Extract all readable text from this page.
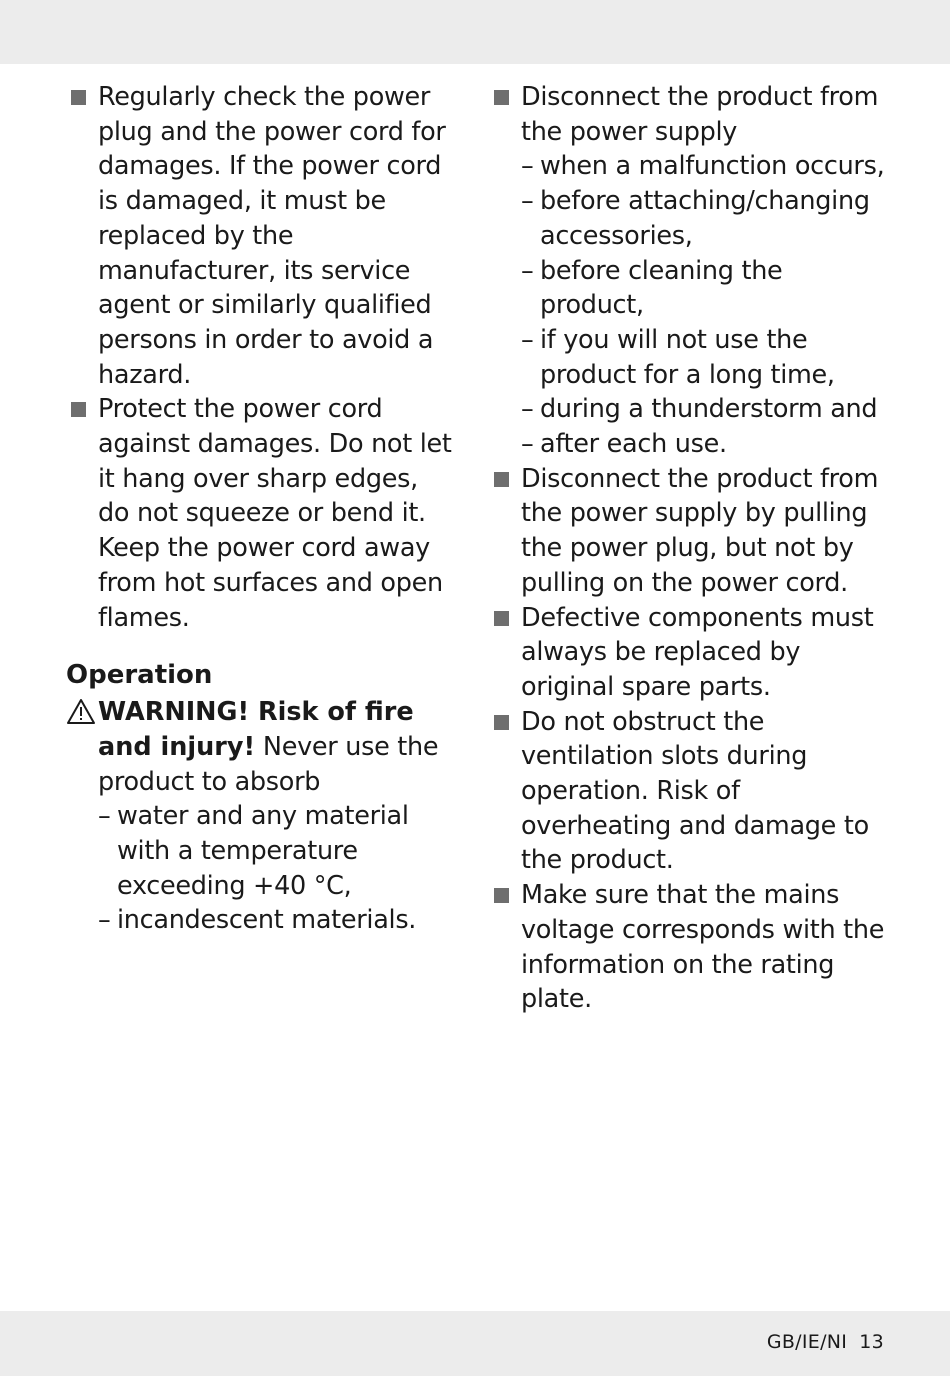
Regularly check the power plug and the power cord for damages. If the power cord is damaged, it must be replaced by the manufacturer, its service agent or similarly qualified persons in order to avoid a hazard.
Protect the power cord against damages. Do not let it hang over sharp edges, do not squeeze or bend it. Keep the power cord away from hot surfaces and open flames.
Operation
WARNING! Risk of fire and injury! Never use the product to absorb
– water and any material with a temperature exceeding +40 °C,
– incandescent materials.
Disconnect the product from the power supply
– when a malfunction occurs,
– before attaching/changing accessories,
– before cleaning the product,
– if you will not use the product for a long time,
– during a thunderstorm and
– after each use.
Disconnect the product from the power supply by pulling the power plug, but not by pulling on the power cord.
Defective components must always be replaced by original spare parts.
Do not obstruct the ventilation slots during operation. Risk of overheating and damage to the product.
Make sure that the mains voltage corresponds with the information on the rating plate.
GB/IE/NI 13
